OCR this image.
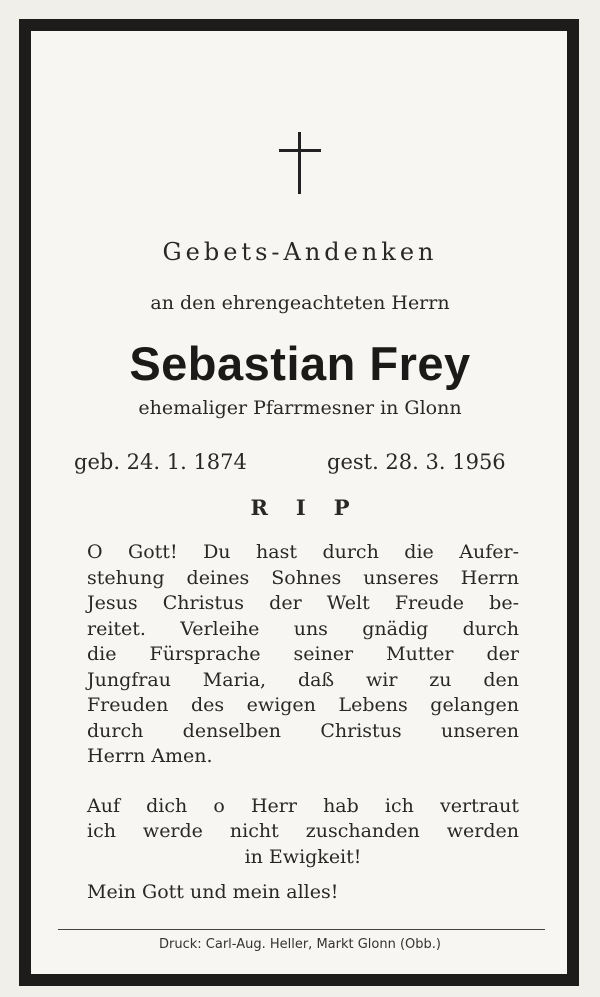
Gebets-Andenken
an den ehrengeachteten Herrn
Sebastian Frey
ehemaliger Pfarrmesner in Glonn
geb. 24. 1. 1874	gest. 28. 3. 1956
RIP
O Gott! Du hast durch die Aufer-
stehung deines Sohnes unseres Herrn
Jesus Christus der Welt Freude be-
reitet. Verleihe uns gnädig durch
die Fürsprache seiner Mutter der
Jungfrau Maria, daß wir zu den
Freuden des ewigen Lebens gelangen
durch denselben Christus unseren
Herrn Amen.
Auf dich o Herr hab ich vertraut
ich werde nicht zuschanden werden
in Ewigkeit!
Mein Gott und mein alles!
Druck: Carl-Aug. Heller, Markt Glonn (Obb.)
